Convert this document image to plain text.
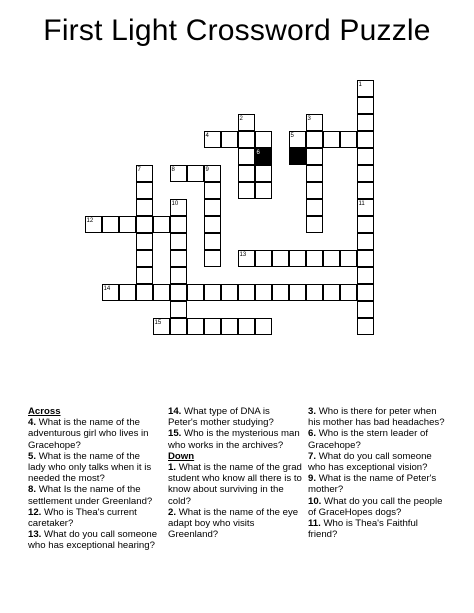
First Light Crossword Puzzle
1
11
2	3
6
7	9
10
4	5
8
12
13
14
15

Across

4. What is the name of the adventurous girl who lives in Gracehope?

5. What is the name of the lady who only talks when it is needed the most?

8. What Is the name of the settlement under Greenland?

12. Who is Thea's current caretaker?

13. What do you call someone who has exceptional hearing?

14. What type of DNA is Peter's mother studying?

15. Who is the mysterious man who works in the archives?

Down

1. What is the name of the grad student who know all there is to know about surviving in the cold?

2. What is the name of the eye adapt boy who visits Greenland?

3. Who is there for peter when his mother has bad headaches?

6. Who is the stern leader of Gracehope?

7. What do you call someone who has exceptional vision?

9. What is the name of Peter's mother?

10. What do you call the people of GraceHopes dogs?

11. Who is Thea's Faithful friend?
